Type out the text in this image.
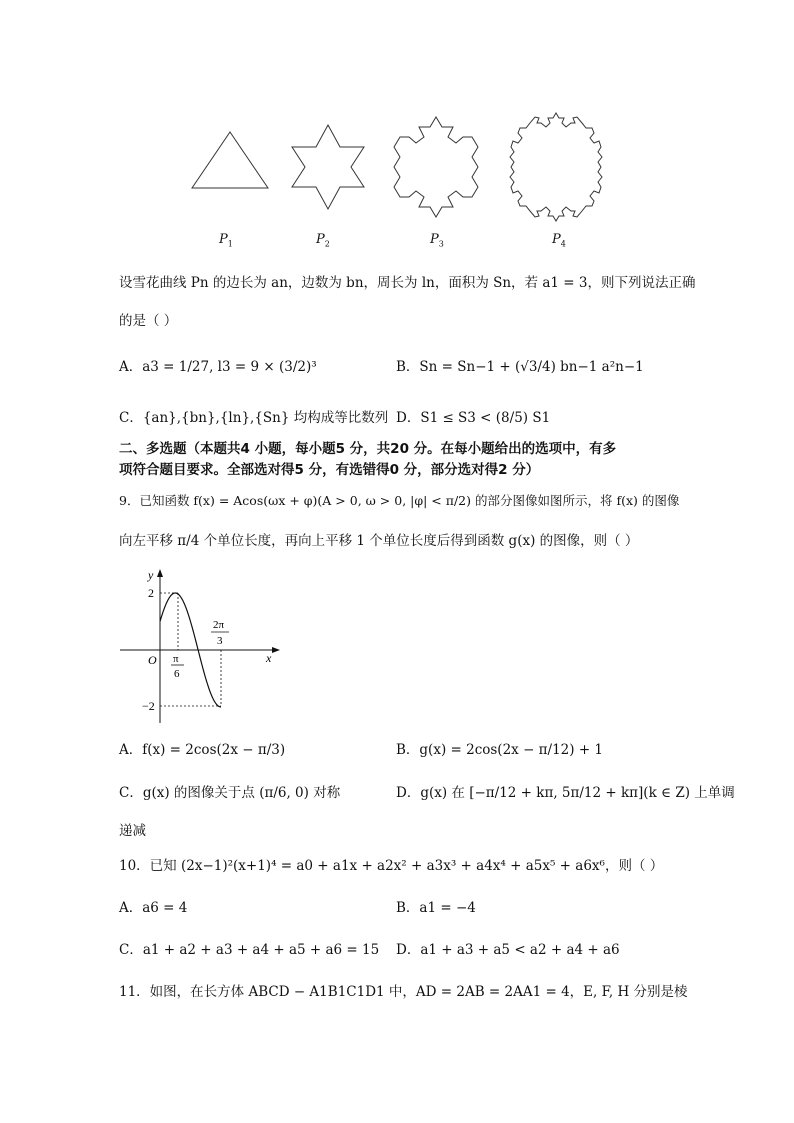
$P_1$	$P_2$	$P_3$	$P_4$
设雪花曲线 Pn 的边长为 an，边数为 bn，周长为 ln，面积为 Sn，若 a1 = 3，则下列说法正确
的是（ ）
A．a3 = 1/27, l3 = 9 × (3/2)³	B．Sn = Sn−1 + (√3/4) bn−1 a²n−1
C．{an},{bn},{ln},{Sn} 均构成等比数列 D．S1 ≤ S3 < (8/5) S1
二、多选题（本题共4 小题，每小题5 分，共20 分。在每小题给出的选项中，有多
项符合题目要求。全部选对得5 分，有选错得0 分，部分选对得2 分）
9．已知函数 f(x) = Acos(ωx + φ)(A > 0, ω > 0, |φ| < π/2) 的部分图像如图所示，将 f(x) 的图像
向左平移 π/4 个单位长度，再向上平移 1 个单位长度后得到函数 g(x) 的图像，则（ ）
y
x
O
2
−2
π
6
2π
3
A．f(x) = 2cos(2x − π/3)	B．g(x) = 2cos(2x − π/12) + 1
C．g(x) 的图像关于点 (π/6, 0) 对称	D．g(x) 在 [−π/12 + kπ, 5π/12 + kπ](k ∈ Z) 上单调
递减
10．已知 (2x−1)²(x+1)⁴ = a0 + a1x + a2x² + a3x³ + a4x⁴ + a5x⁵ + a6x⁶，则（ ）
A．a6 = 4	B．a1 = −4
C．a1 + a2 + a3 + a4 + a5 + a6 = 15 D．a1 + a3 + a5 < a2 + a4 + a6
11．如图，在长方体 ABCD − A1B1C1D1 中，AD = 2AB = 2AA1 = 4，E, F, H 分别是棱
